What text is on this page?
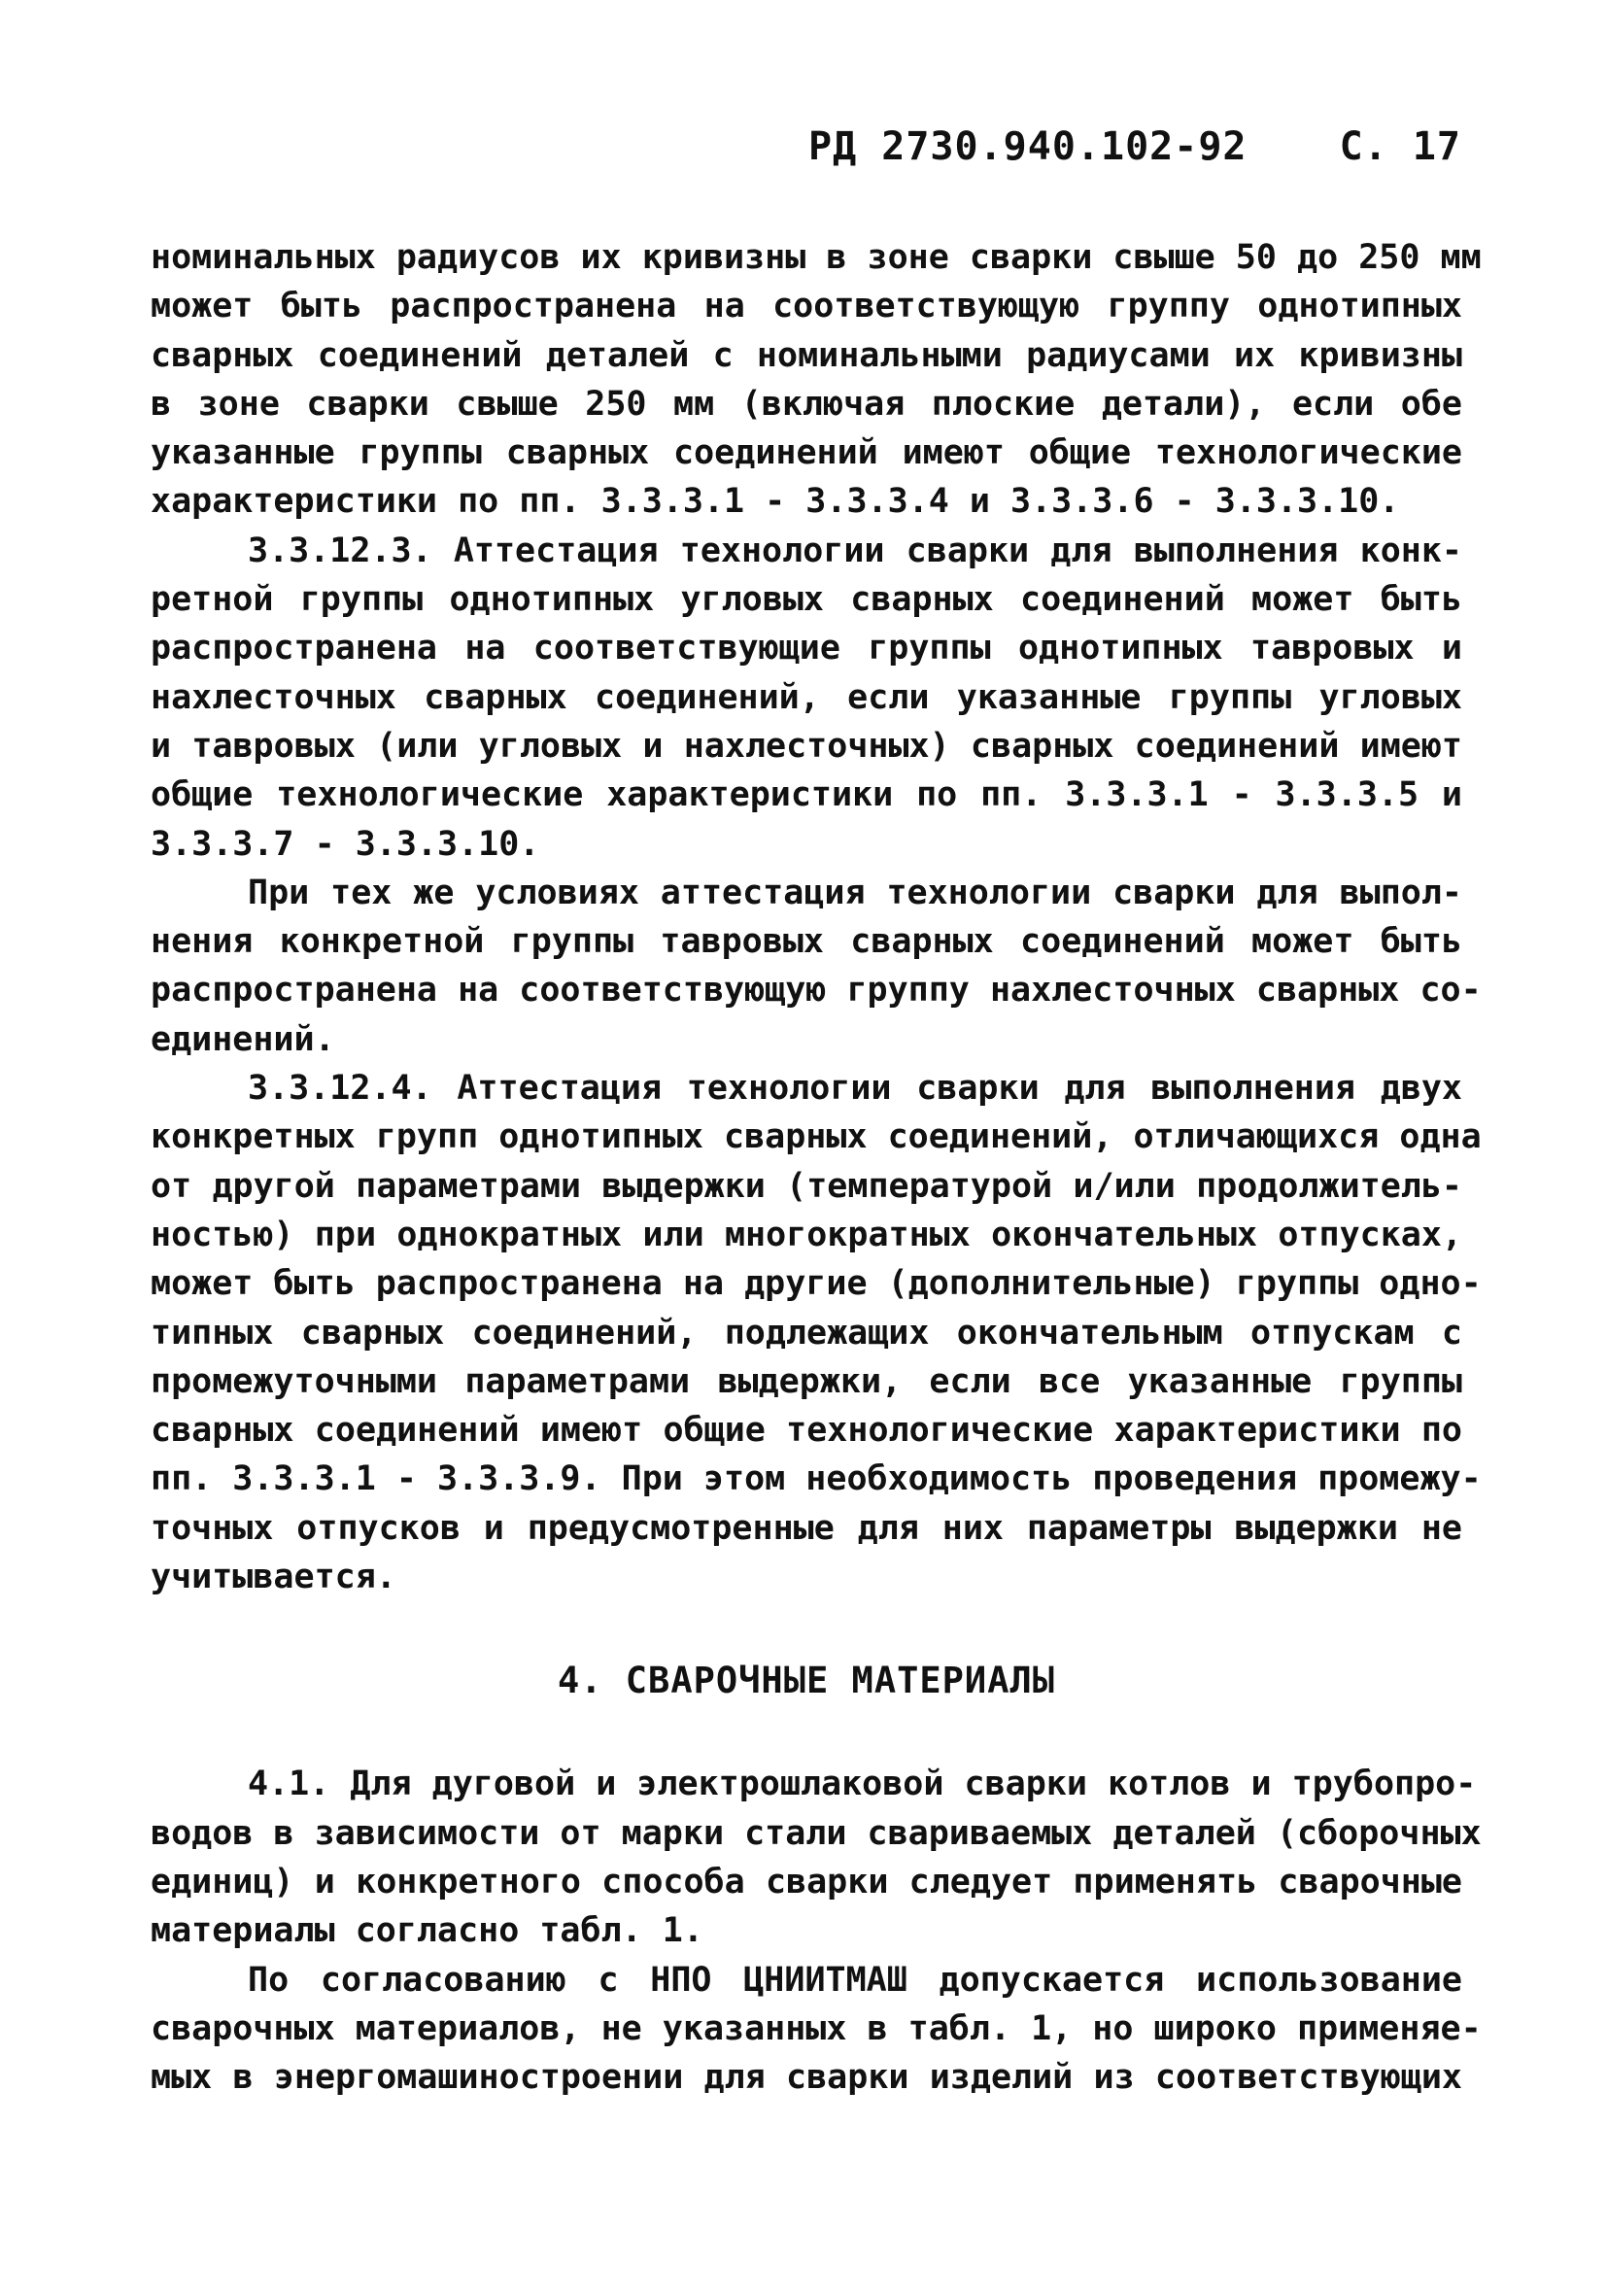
РД 2730.940.102-92 С. 17

номинальных радиусов их кривизны в зоне сварки свыше 50 до 250 мм
может быть распространена на соответствующую группу однотипных
сварных соединений деталей с номинальными радиусами их кривизны
в зоне сварки свыше 250 мм (включая плоские детали), если обе
указанные группы сварных соединений имеют общие технологические
характеристики по пп. 3.3.3.1 - 3.3.3.4 и 3.3.3.6 - 3.3.3.10.

3.3.12.3. Аттестация технологии сварки для выполнения конк-
ретной группы однотипных угловых сварных соединений может быть
распространена на соответствующие группы однотипных тавровых и
нахлесточных сварных соединений, если указанные группы угловых
и тавровых (или угловых и нахлесточных) сварных соединений имеют
общие технологические характеристики по пп. 3.3.3.1 - 3.3.3.5 и
3.3.3.7 - 3.3.3.10.

При тех же условиях аттестация технологии сварки для выпол-
нения конкретной группы тавровых сварных соединений может быть
распространена на соответствующую группу нахлесточных сварных со-
единений.

3.3.12.4. Аттестация технологии сварки для выполнения двух
конкретных групп однотипных сварных соединений, отличающихся одна
от другой параметрами выдержки (температурой и/или продолжитель-
ностью) при однократных или многократных окончательных отпусках,
может быть распространена на другие (дополнительные) группы одно-
типных сварных соединений, подлежащих окончательным отпускам с
промежуточными параметрами выдержки, если все указанные группы
сварных соединений имеют общие технологические характеристики по
пп. 3.3.3.1 - 3.3.3.9. При этом необходимость проведения промежу-
точных отпусков и предусмотренные для них параметры выдержки не
учитывается.

4. СВАРОЧНЫЕ МАТЕРИАЛЫ

4.1. Для дуговой и электрошлаковой сварки котлов и трубопро-
водов в зависимости от марки стали свариваемых деталей (сборочных
единиц) и конкретного способа сварки следует применять сварочные
материалы согласно табл. 1.

По согласованию с НПО ЦНИИТМАШ допускается использование
сварочных материалов, не указанных в табл. 1, но широко применяе-
мых в энергомашиностроении для сварки изделий из соответствующих
